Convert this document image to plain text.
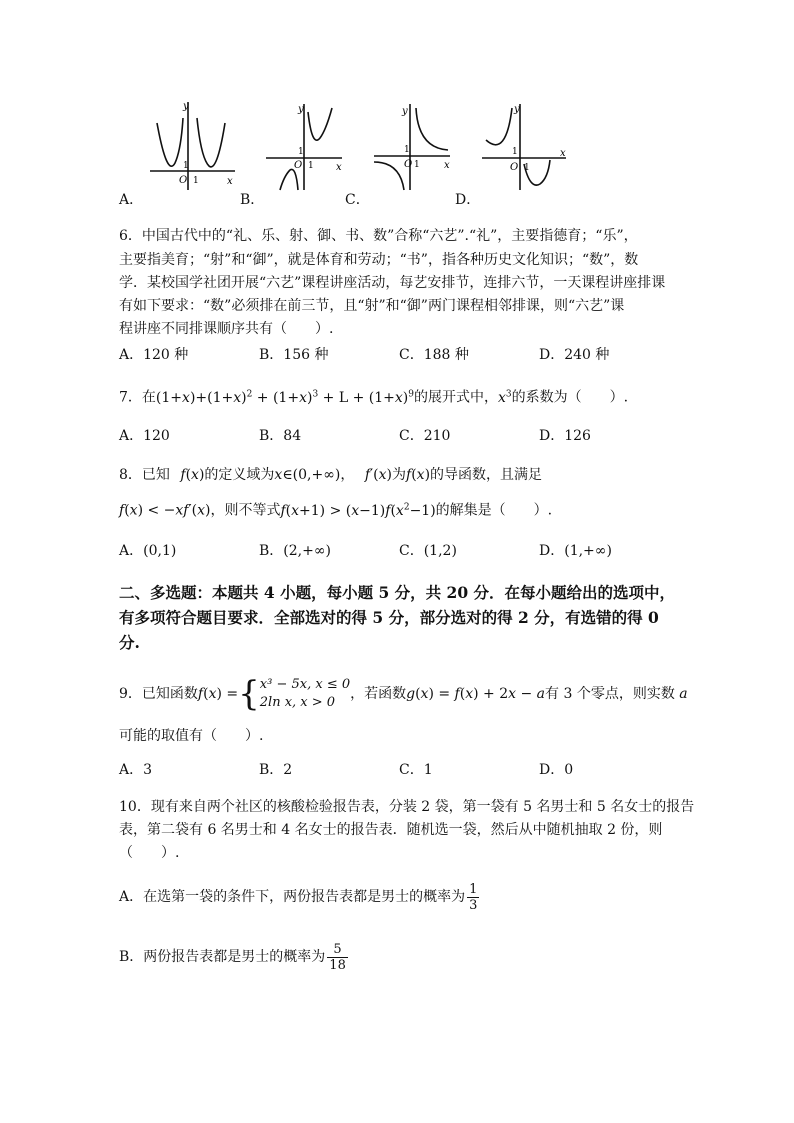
y
1
O 1	x
A．
y
1
O 1 x
B．
y
1
O 1 x
C．
y
1
O 1
x
D．
6．中国古代中的“礼、乐、射、御、书、数”合称“六艺”.“礼”，主要指德育；“乐”，
主要指美育；“射”和“御”，就是体育和劳动；“书”，指各种历史文化知识；“数”，数
学．某校国学社团开展“六艺”课程讲座活动，每艺安排节，连排六节，一天课程讲座排课
有如下要求：“数”必须排在前三节，且“射”和“御”两门课程相邻排课，则“六艺”课
程讲座不同排课顺序共有（　　）.
A．120 种	B．156 种	C．188 种	D．240 种
7．在$(1+x)+(1+x)^2 + (1+x)^3 + L + (1+x)^9$的展开式中，$x^3$的系数为（　　）.
A．120	B．84	C．210	D．126
8．已知 f(x)的定义域为x∈(0,+∞)， f′(x)为f(x)的导函数，且满足
f(x) < −xf′(x)，则不等式$f(x+1) > (x-1)f(x^2-1)$的解集是（　　）.
A．(0,1)	B．(2,+∞)	C．(1,2)	D．(1,+∞)
二、多选题：本题共 4 小题，每小题 5 分，共 20 分．在每小题给出的选项中，
有多项符合题目要求．全部选对的得 5 分，部分选对的得 2 分，有选错的得 0
分.
9．已知函数f(x) ={ x³ − 5x, x ≤ 0
2ln x, x > 0
，若函数g(x) = f(x) + 2x − a有 3 个零点，则实数 a
可能的取值有（　　）.
A．3	B．2	C．1	D．0
10．现有来自两个社区的核酸检验报告表，分装 2 袋，第一袋有 5 名男士和 5 名女士的报告
表，第二袋有 6 名男士和 4 名女士的报告表．随机选一袋，然后从中随机抽取 2 份，则
（　　）.
A．在选第一袋的条件下，两份报告表都是男士的概率为 $\frac{1}{3}$
B．两份报告表都是男士的概率为 $\frac{5}{18}$
